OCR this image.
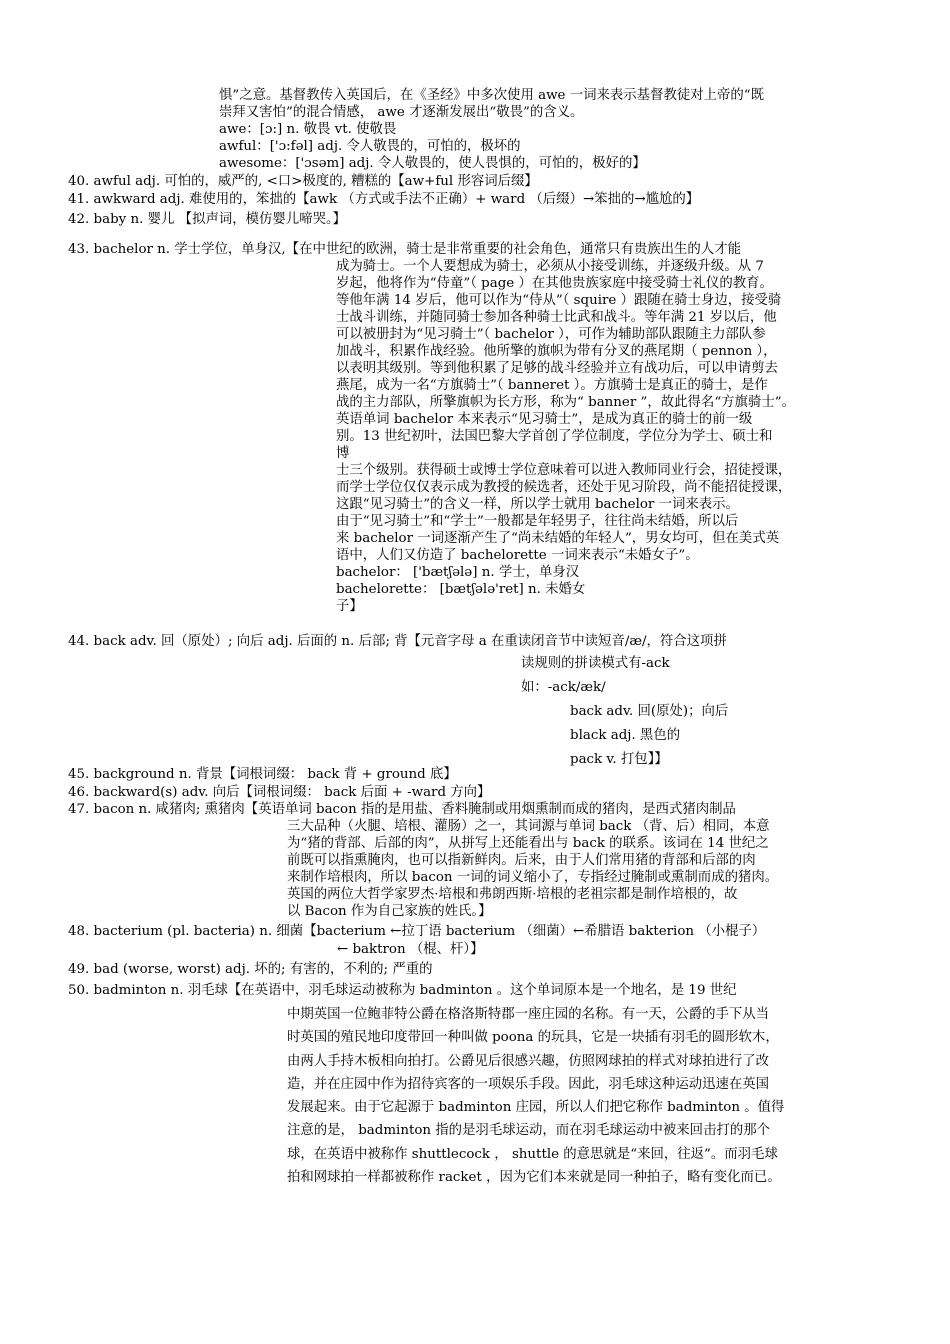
惧”之意。基督教传入英国后，在《圣经》中多次使用 awe 一词来表示基督教徒对上帝的“既
崇拜又害怕”的混合情感， awe 才逐渐发展出“敬畏”的含义。
awe：[ɔ:] n. 敬畏 vt. 使敬畏
awful：['ɔ:fəl] adj. 令人敬畏的，可怕的，极坏的
awesome：['ɔsəm] adj. 令人敬畏的，使人畏惧的，可怕的，极好的】
40. awful adj. 可怕的，威严的, <口>极度的, 糟糕的【aw+ful 形容词后缀】
41. awkward adj. 难使用的，笨拙的【awk （方式或手法不正确）+ ward （后缀）→笨拙的→尴尬的】
42. baby n. 婴儿 【拟声词，模仿婴儿啼哭。】
43. bachelor n. 学士学位，单身汉,【在中世纪的欧洲，骑士是非常重要的社会角色，通常只有贵族出生的人才能
成为骑士。一个人要想成为骑士，必须从小接受训练，并逐级升级。从 7
岁起，他将作为“侍童”（ page ）在其他贵族家庭中接受骑士礼仪的教育。
等他年满 14 岁后，他可以作为“侍从”（ squire ）跟随在骑士身边，接受骑
士战斗训练，并随同骑士参加各种骑士比武和战斗。等年满 21 岁以后，他
可以被册封为“见习骑士”（ bachelor ），可作为辅助部队跟随主力部队参
加战斗，积累作战经验。他所擎的旗帜为带有分叉的燕尾期（ pennon ），
以表明其级别。等到他积累了足够的战斗经验并立有战功后，可以申请剪去
燕尾，成为一名“方旗骑士”（ banneret ）。方旗骑士是真正的骑士，是作
战的主力部队，所擎旗帜为长方形，称为“ banner ”，故此得名“方旗骑士”。
英语单词 bachelor 本来表示“见习骑士”，是成为真正的骑士的前一级
别。13 世纪初叶，法国巴黎大学首创了学位制度，学位分为学士、硕士和
博
士三个级别。获得硕士或博士学位意味着可以进入教师同业行会，招徒授课，
而学士学位仅仅表示成为教授的候选者，还处于见习阶段，尚不能招徒授课，
这跟“见习骑士”的含义一样，所以学士就用 bachelor 一词来表示。
由于“见习骑士”和“学士”一般都是年轻男子，往往尚未结婚，所以后
来 bachelor 一词逐渐产生了“尚未结婚的年轻人”，男女均可，但在美式英
语中，人们又仿造了 bachelorette 一词来表示“未婚女子”。
bachelor： ['bætʃələ] n. 学士，单身汉
bachelorette： [bætʃələ'ret] n. 未婚女
子】
44. back adv. 回（原处）; 向后 adj. 后面的 n. 后部; 背【元音字母 a 在重读闭音节中读短音/æ/，符合这项拼
读规则的拼读模式有-ack
如：-ack/æk/
back adv. 回(原处)；向后
black adj. 黑色的
pack v. 打包】】
45. background n. 背景【词根词缀： back 背 + ground 底】
46. backward(s) adv. 向后【词根词缀： back 后面 + -ward 方向】
47. bacon n. 咸猪肉; 熏猪肉【英语单词 bacon 指的是用盐、香料腌制或用烟熏制而成的猪肉，是西式猪肉制品
三大品种（火腿、培根、灌肠）之一，其词源与单词 back （背、后）相同，本意
为“猪的背部、后部的肉”，从拼写上还能看出与 back 的联系。该词在 14 世纪之
前既可以指熏腌肉，也可以指新鲜肉。后来，由于人们常用猪的背部和后部的肉
来制作培根肉，所以 bacon 一词的词义缩小了，专指经过腌制或熏制而成的猪肉。
英国的两位大哲学家罗杰·培根和弗朗西斯·培根的老祖宗都是制作培根的，故
以 Bacon 作为自己家族的姓氏。】
48. bacterium (pl. bacteria) n. 细菌【bacterium ←拉丁语 bacterium （细菌）←希腊语 bakterion （小棍子）
← baktron （棍、杆）】
49. bad (worse, worst) adj. 坏的; 有害的，不利的; 严重的
50. badminton n. 羽毛球【在英语中，羽毛球运动被称为 badminton 。这个单词原本是一个地名，是 19 世纪
中期英国一位鲍菲特公爵在格洛斯特郡一座庄园的名称。有一天，公爵的手下从当
时英国的殖民地印度带回一种叫做 poona 的玩具，它是一块插有羽毛的圆形软木，
由两人手持木板相向拍打。公爵见后很感兴趣，仿照网球拍的样式对球拍进行了改
造，并在庄园中作为招待宾客的一项娱乐手段。因此，羽毛球这种运动迅速在英国
发展起来。由于它起源于 badminton 庄园，所以人们把它称作 badminton 。值得
注意的是， badminton 指的是羽毛球运动，而在羽毛球运动中被来回击打的那个
球，在英语中被称作 shuttlecock ， shuttle 的意思就是“来回，往返”。而羽毛球
拍和网球拍一样都被称作 racket ，因为它们本来就是同一种拍子，略有变化而已。
